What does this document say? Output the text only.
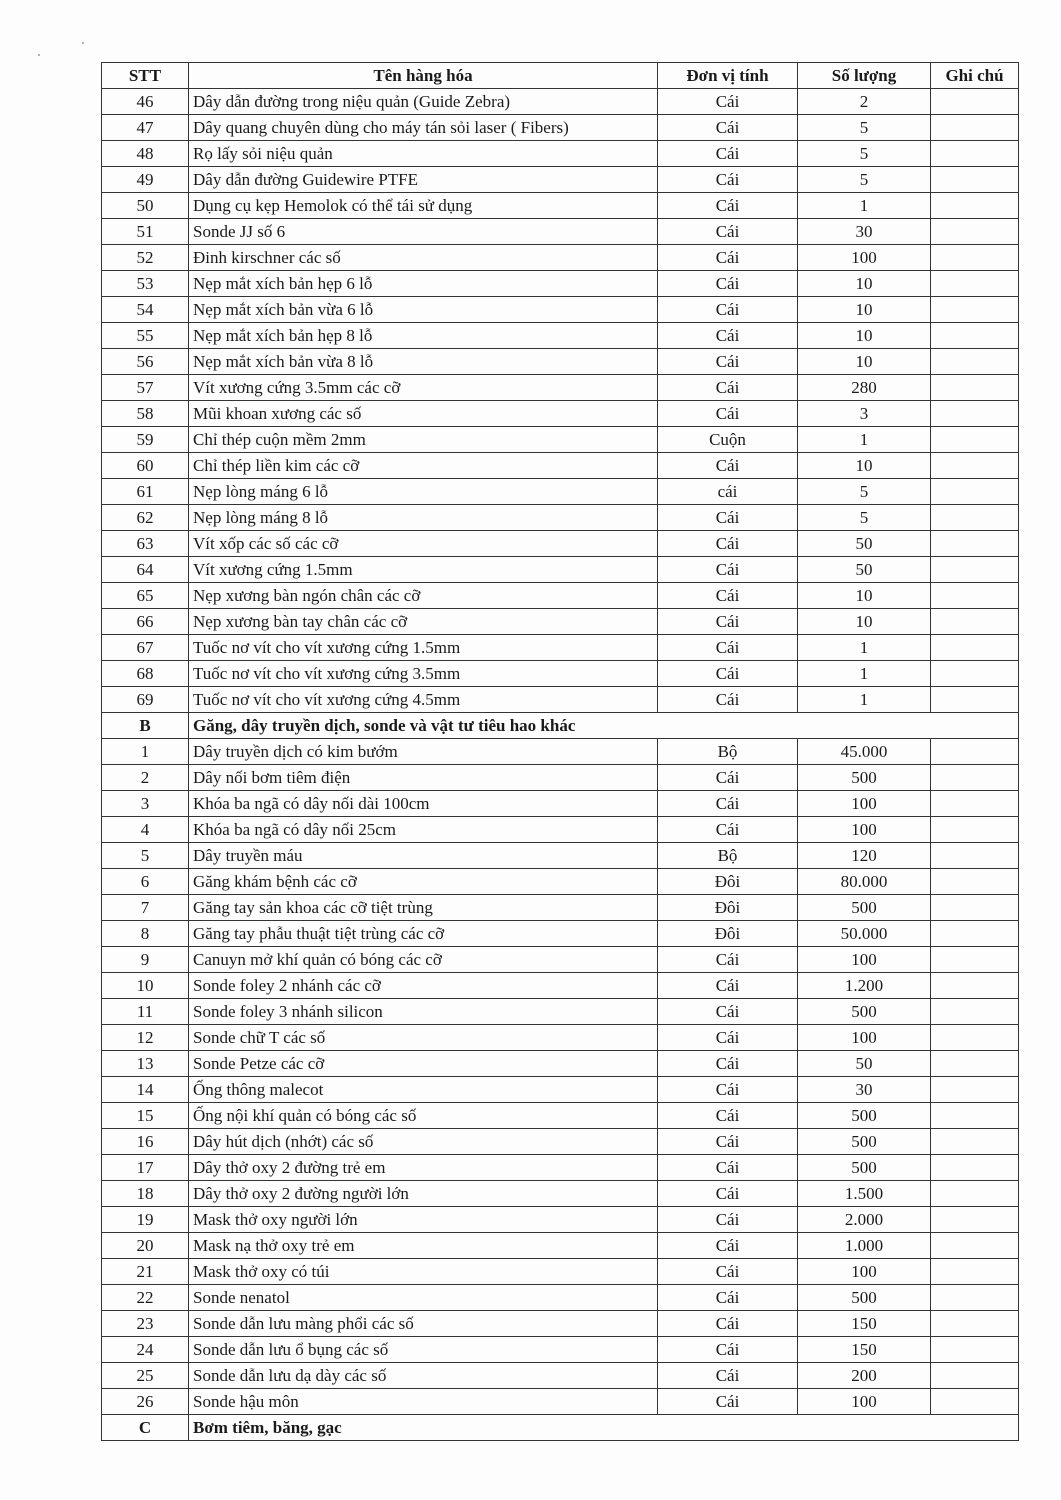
STT	Tên hàng hóa	Đơn vị tính	Số lượng	Ghi chú
46	Dây dẫn đường trong niệu quản (Guide Zebra)	Cái	2	
47	Dây quang chuyên dùng cho máy tán sỏi laser ( Fibers)	Cái	5	
48	Rọ lấy sỏi niệu quản	Cái	5	
49	Dây dẫn đường Guidewire PTFE	Cái	5	
50	Dụng cụ kẹp Hemolok có thể tái sử dụng	Cái	1	
51	Sonde JJ số 6	Cái	30	
52	Đinh kirschner các số	Cái	100	
53	Nẹp mắt xích bản hẹp 6 lỗ	Cái	10	
54	Nẹp mắt xích bản vừa 6 lỗ	Cái	10	
55	Nẹp mắt xích bản hẹp 8 lỗ	Cái	10	
56	Nẹp mắt xích bản vừa 8 lỗ	Cái	10	
57	Vít xương cứng 3.5mm các cỡ	Cái	280	
58	Mũi khoan xương các số	Cái	3	
59	Chỉ thép cuộn mềm 2mm	Cuộn	1	
60	Chỉ thép liền kim các cỡ	Cái	10	
61	Nẹp lòng máng 6 lỗ	cái	5	
62	Nẹp lòng máng 8 lỗ	Cái	5	
63	Vít xốp các số các cỡ	Cái	50	
64	Vít xương cứng 1.5mm	Cái	50	
65	Nẹp xương bàn ngón chân các cỡ	Cái	10	
66	Nẹp xương bàn tay chân các cỡ	Cái	10	
67	Tuốc nơ vít cho vít xương cứng 1.5mm	Cái	1	
68	Tuốc nơ vít cho vít xương cứng 3.5mm	Cái	1	
69	Tuốc nơ vít cho vít xương cứng 4.5mm	Cái	1	
B	Găng, dây truyền dịch, sonde và vật tư tiêu hao khác			
1	Dây truyền dịch có kim bướm	Bộ	45.000	
2	Dây nối bơm tiêm điện	Cái	500	
3	Khóa ba ngã có dây nối dài 100cm	Cái	100	
4	Khóa ba ngã có dây nối 25cm	Cái	100	
5	Dây truyền máu	Bộ	120	
6	Găng khám bệnh các cỡ	Đôi	80.000	
7	Găng tay sản khoa các cỡ tiệt trùng	Đôi	500	
8	Găng tay phẫu thuật tiệt trùng các cỡ	Đôi	50.000	
9	Canuyn mở khí quản có bóng các cỡ	Cái	100	
10	Sonde foley 2 nhánh các cỡ	Cái	1.200	
11	Sonde foley 3 nhánh silicon	Cái	500	
12	Sonde chữ T các số	Cái	100	
13	Sonde Petze các cỡ	Cái	50	
14	Ống thông malecot	Cái	30	
15	Ống nội khí quản có bóng các số	Cái	500	
16	Dây hút dịch (nhớt) các số	Cái	500	
17	Dây thở oxy 2 đường trẻ em	Cái	500	
18	Dây thở oxy 2 đường người lớn	Cái	1.500	
19	Mask thở oxy người lớn	Cái	2.000	
20	Mask nạ thở oxy trẻ em	Cái	1.000	
21	Mask thở oxy có túi	Cái	100	
22	Sonde nenatol	Cái	500	
23	Sonde dẫn lưu màng phổi các số	Cái	150	
24	Sonde dẫn lưu ổ bụng các số	Cái	150	
25	Sonde dẫn lưu dạ dày các số	Cái	200	
26	Sonde hậu môn	Cái	100	
C	Bơm tiêm, băng, gạc			
